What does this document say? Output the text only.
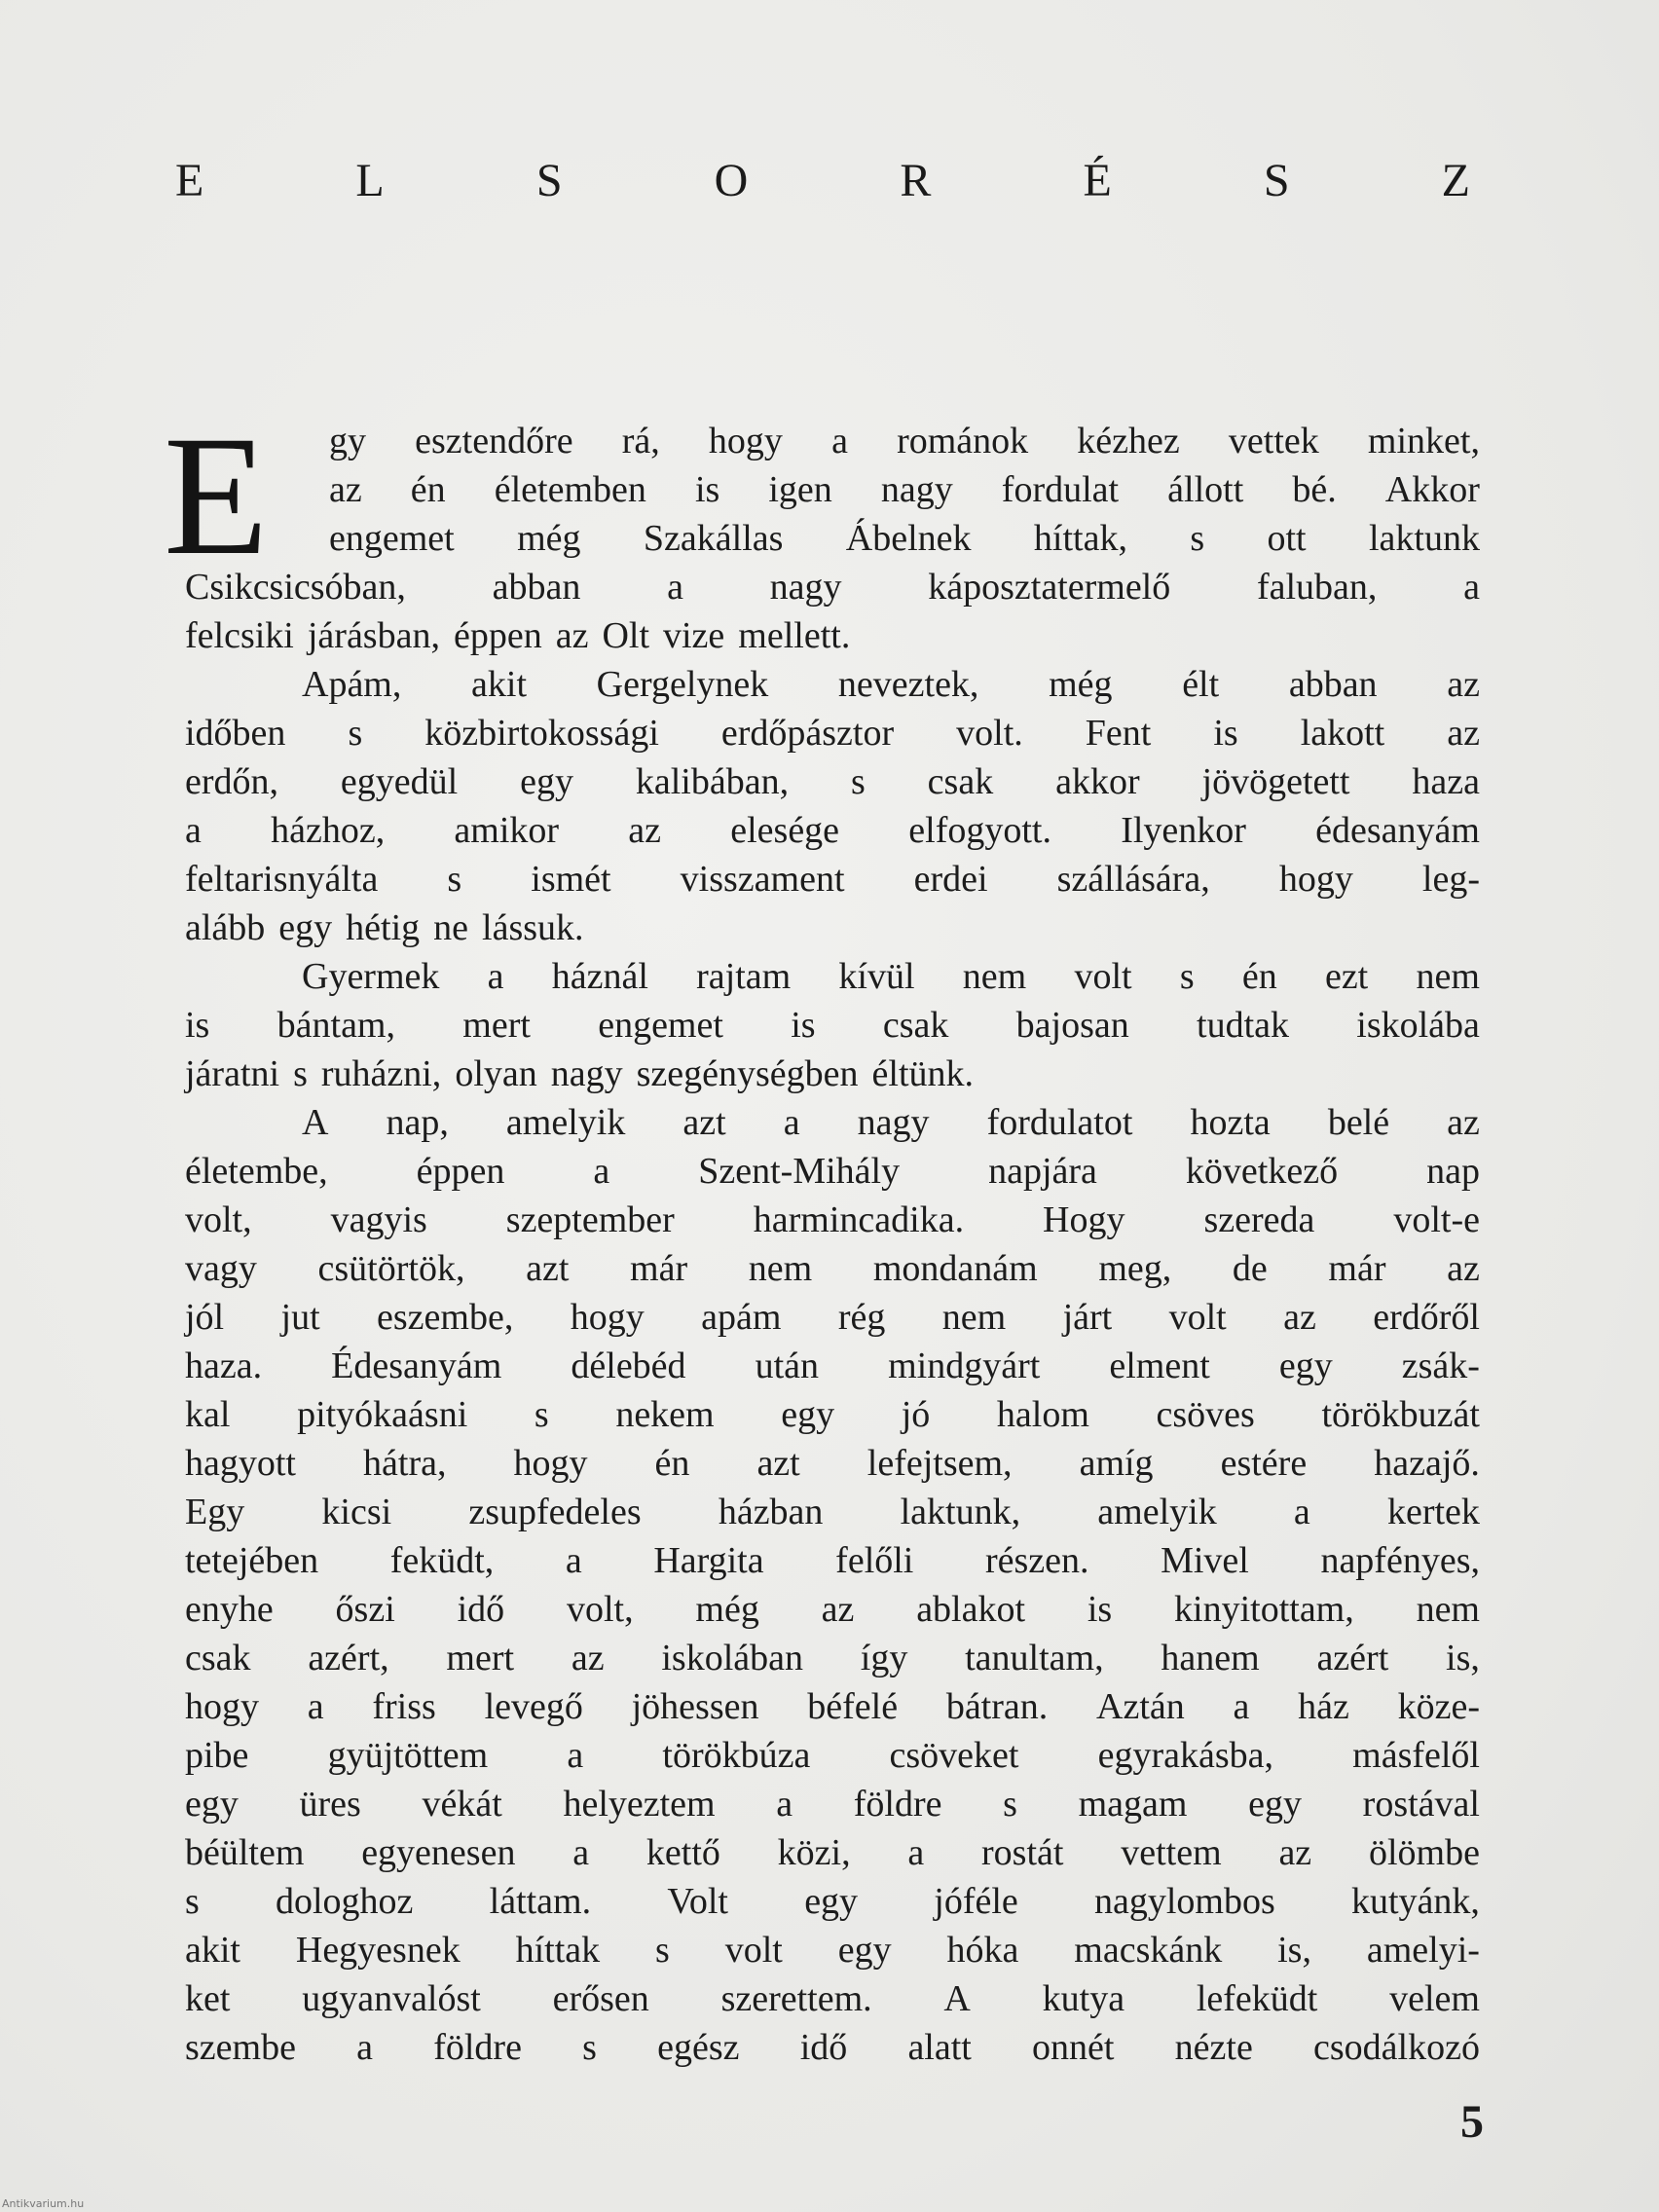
E	L	S	O	R	É	S	Z
E gy esztendőre rá, hogy a románok kézhez vettek minket,
az én életemben is igen nagy fordulat állott bé. Akkor
engemet még Szakállas Ábelnek híttak, s ott laktunk
Csikcsicsóban, abban a nagy káposztatermelő faluban, a
felcsiki járásban, éppen az Olt vize mellett.
Apám, akit Gergelynek neveztek, még élt abban az
időben s közbirtokossági erdőpásztor volt. Fent is lakott az
erdőn, egyedül egy kalibában, s csak akkor jövögetett haza
a házhoz, amikor az elesége elfogyott. Ilyenkor édesanyám
feltarisnyálta s ismét visszament erdei szállására, hogy leg-
alább egy hétig ne lássuk.
Gyermek a háznál rajtam kívül nem volt s én ezt nem
is bántam, mert engemet is csak bajosan tudtak iskolába
járatni s ruházni, olyan nagy szegénységben éltünk.
A nap, amelyik azt a nagy fordulatot hozta belé az
életembe, éppen a Szent-Mihály napjára következő nap
volt, vagyis szeptember harmincadika. Hogy szereda volt-e
vagy csütörtök, azt már nem mondanám meg, de már az
jól jut eszembe, hogy apám rég nem járt volt az erdőről
haza. Édesanyám délebéd után mindgyárt elment egy zsák-
kal pityókaásni s nekem egy jó halom csöves törökbuzát
hagyott hátra, hogy én azt lefejtsem, amíg estére hazajő.
Egy kicsi zsupfedeles házban laktunk, amelyik a kertek
tetejében feküdt, a Hargita felőli részen. Mivel napfényes,
enyhe őszi idő volt, még az ablakot is kinyitottam, nem
csak azért, mert az iskolában így tanultam, hanem azért is,
hogy a friss levegő jöhessen béfelé bátran. Aztán a ház köze-
pibe gyüjtöttem a törökbúza csöveket egyrakásba, másfelől
egy üres vékát helyeztem a földre s magam egy rostával
béültem egyenesen a kettő közi, a rostát vettem az ölömbe
s dologhoz láttam. Volt egy jóféle nagylombos kutyánk,
akit Hegyesnek híttak s volt egy hóka macskánk is, amelyi-
ket ugyanvalóst erősen szerettem. A kutya lefeküdt velem
szembe a földre s egész idő alatt onnét nézte csodálkozó
5
Antikvarium.hu
